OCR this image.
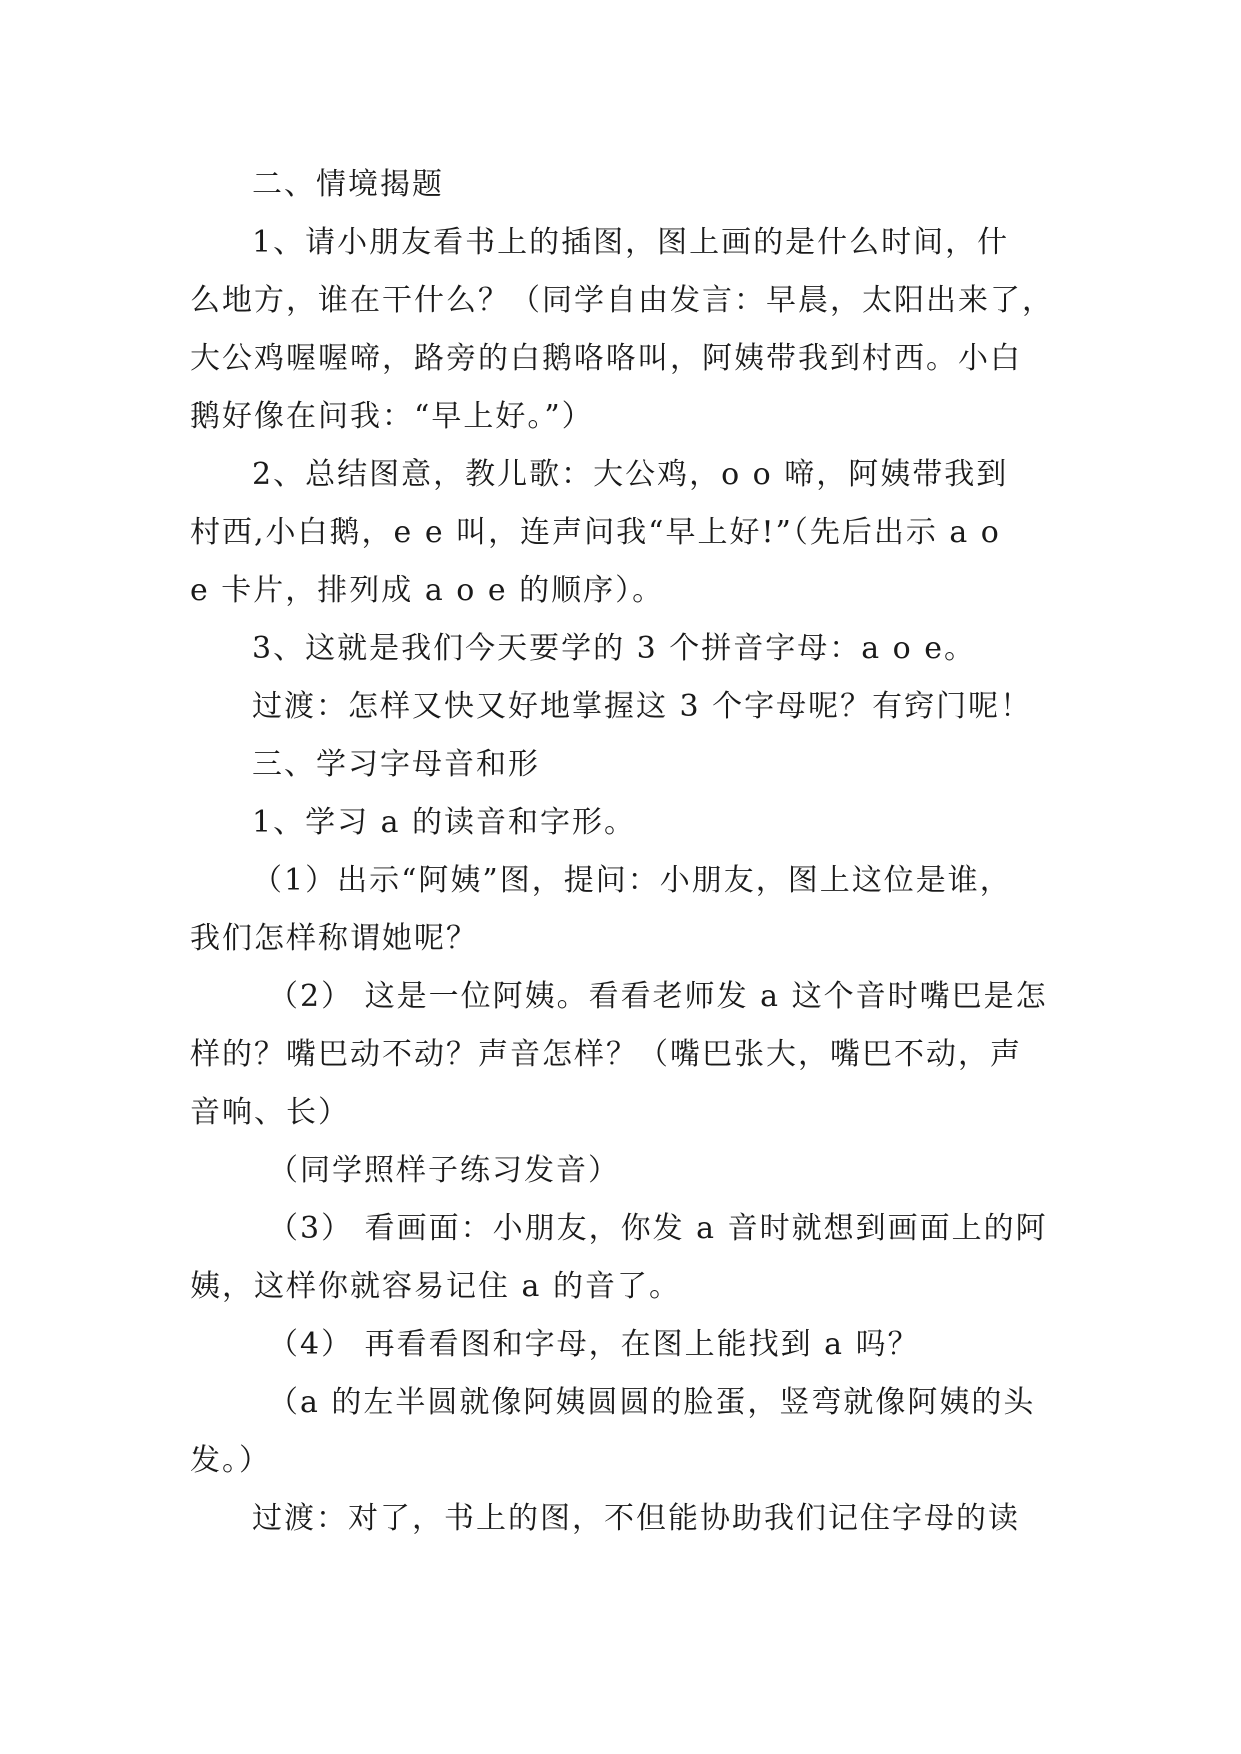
二、情境揭题
1、请小朋友看书上的插图，图上画的是什么时间，什
么地方，谁在干什么？（同学自由发言：早晨，太阳出来了，
大公鸡喔喔啼，路旁的白鹅咯咯叫，阿姨带我到村西。小白
鹅好像在问我：“早上好。”）
2、总结图意，教儿歌：大公鸡，o o 啼，阿姨带我到
村西,小白鹅，e e 叫，连声问我“早上好!”（先后出示 a o
e 卡片，排列成 a o e 的顺序）。
3、这就是我们今天要学的 3 个拼音字母：a o e。
过渡：怎样又快又好地掌握这 3 个字母呢？有窍门呢！
三、学习字母音和形
1、学习 a 的读音和字形。
（1）出示“阿姨”图，提问：小朋友，图上这位是谁，
我们怎样称谓她呢？
（2） 这是一位阿姨。看看老师发 a 这个音时嘴巴是怎
样的？嘴巴动不动？声音怎样？（嘴巴张大，嘴巴不动，声
音响、长）
（同学照样子练习发音）
（3） 看画面：小朋友，你发 a 音时就想到画面上的阿
姨，这样你就容易记住 a 的音了。
（4） 再看看图和字母，在图上能找到 a 吗？
（a 的左半圆就像阿姨圆圆的脸蛋，竖弯就像阿姨的头
发。）
过渡：对了，书上的图，不但能协助我们记住字母的读
